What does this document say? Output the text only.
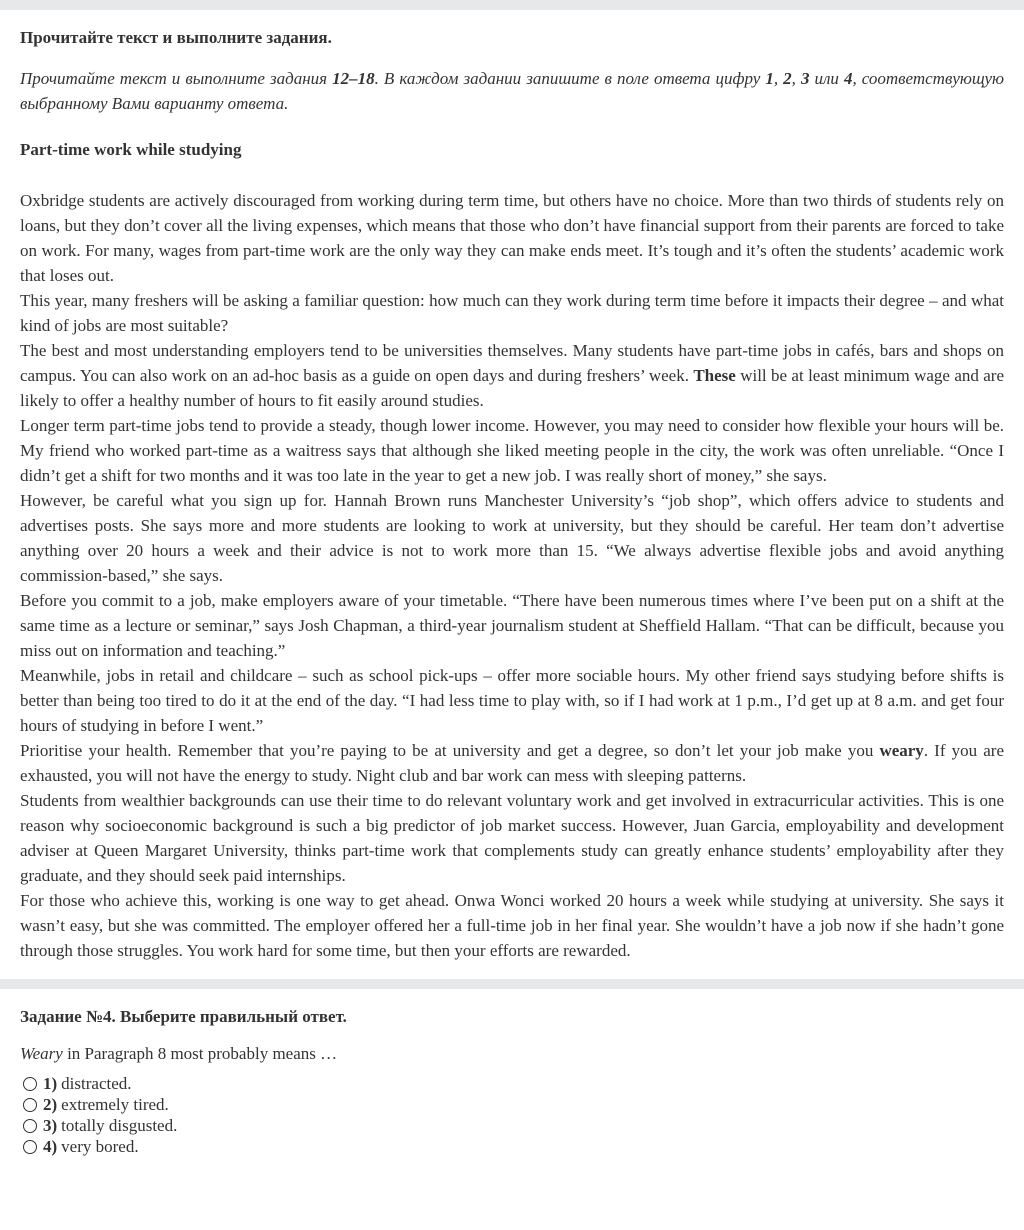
Прочитайте текст и выполните задания.

Прочитайте текст и выполните задания 12–18. В каждом задании запишите в поле ответа цифру 1, 2, 3 или 4, соответствующую выбранному Вами варианту ответа.

Part-time work while studying

Oxbridge students are actively discouraged from working during term time, but others have no choice. More than two thirds of students rely on loans, but they don’t cover all the living expenses, which means that those who don’t have financial support from their parents are forced to take on work. For many, wages from part-time work are the only way they can make ends meet. It’s tough and it’s often the students’ academic work that loses out.

This year, many freshers will be asking a familiar question: how much can they work during term time before it impacts their degree – and what kind of jobs are most suitable?

The best and most understanding employers tend to be universities themselves. Many students have part-time jobs in cafés, bars and shops on campus. You can also work on an ad-hoc basis as a guide on open days and during freshers’ week. These will be at least minimum wage and are likely to offer a healthy number of hours to fit easily around studies.

Longer term part-time jobs tend to provide a steady, though lower income. However, you may need to consider how flexible your hours will be. My friend who worked part-time as a waitress says that although she liked meeting people in the city, the work was often unreliable. “Once I didn’t get a shift for two months and it was too late in the year to get a new job. I was really short of money,” she says.

However, be careful what you sign up for. Hannah Brown runs Manchester University’s “job shop”, which offers advice to students and advertises posts. She says more and more students are looking to work at university, but they should be careful. Her team don’t advertise anything over 20 hours a week and their advice is not to work more than 15. “We always advertise flexible jobs and avoid anything commission-based,” she says.

Before you commit to a job, make employers aware of your timetable. “There have been numerous times where I’ve been put on a shift at the same time as a lecture or seminar,” says Josh Chapman, a third-year journalism student at Sheffield Hallam. “That can be difficult, because you miss out on information and teaching.”

Meanwhile, jobs in retail and childcare – such as school pick-ups – offer more sociable hours. My other friend says studying before shifts is better than being too tired to do it at the end of the day. “I had less time to play with, so if I had work at 1 p.m., I’d get up at 8 a.m. and get four hours of studying in before I went.”

Prioritise your health. Remember that you’re paying to be at university and get a degree, so don’t let your job make you weary. If you are exhausted, you will not have the energy to study. Night club and bar work can mess with sleeping patterns.

Students from wealthier backgrounds can use their time to do relevant voluntary work and get involved in extracurricular activities. This is one reason why socioeconomic background is such a big predictor of job market success. However, Juan Garcia, employability and development adviser at Queen Margaret University, thinks part-time work that complements study can greatly enhance students’ employability after they graduate, and they should seek paid internships.

For those who achieve this, working is one way to get ahead. Onwa Wonci worked 20 hours a week while studying at university. She says it wasn’t easy, but she was committed. The employer offered her a full-time job in her final year. She wouldn’t have a job now if she hadn’t gone through those struggles. You work hard for some time, but then your efforts are rewarded.

Задание №4. Выберите правильный ответ.

Weary in Paragraph 8 most probably means …

1) distracted.
2) extremely tired.
3) totally disgusted.
4) very bored.
